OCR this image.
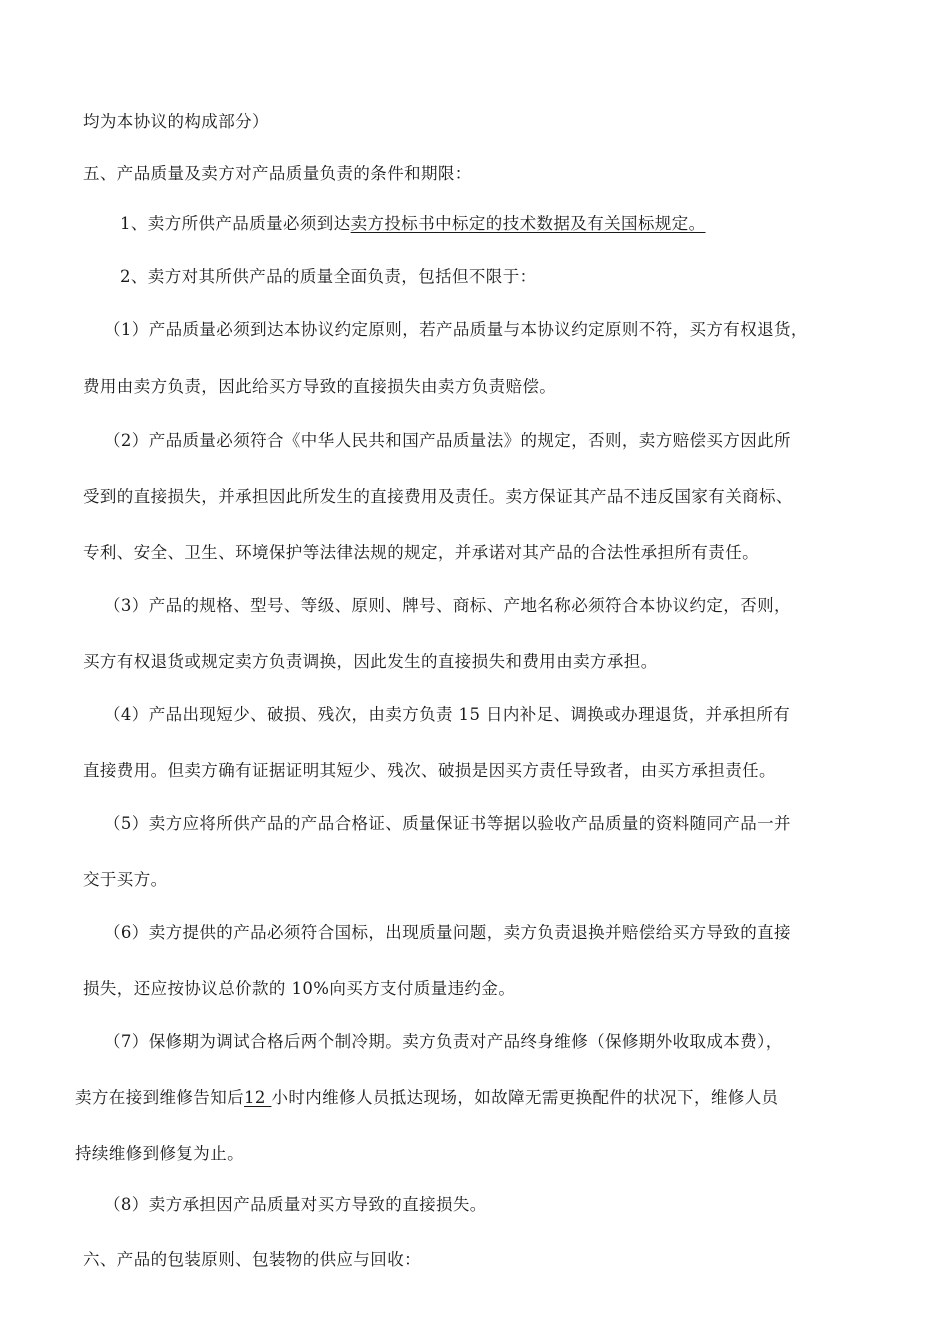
均为本协议的构成部分）
五、产品质量及卖方对产品质量负责的条件和期限：
1、卖方所供产品质量必须到达卖方投标书中标定的技术数据及有关国标规定。
2、卖方对其所供产品的质量全面负责，包括但不限于：
（1）产品质量必须到达本协议约定原则，若产品质量与本协议约定原则不符，买方有权退货，
费用由卖方负责，因此给买方导致的直接损失由卖方负责赔偿。
（2）产品质量必须符合《中华人民共和国产品质量法》的规定，否则，卖方赔偿买方因此所
受到的直接损失，并承担因此所发生的直接费用及责任。卖方保证其产品不违反国家有关商标、
专利、安全、卫生、环境保护等法律法规的规定，并承诺对其产品的合法性承担所有责任。
（3）产品的规格、型号、等级、原则、牌号、商标、产地名称必须符合本协议约定，否则，
买方有权退货或规定卖方负责调换，因此发生的直接损失和费用由卖方承担。
（4）产品出现短少、破损、残次，由卖方负责 15 日内补足、调换或办理退货，并承担所有
直接费用。但卖方确有证据证明其短少、残次、破损是因买方责任导致者，由买方承担责任。
（5）卖方应将所供产品的产品合格证、质量保证书等据以验收产品质量的资料随同产品一并
交于买方。
（6）卖方提供的产品必须符合国标，出现质量问题，卖方负责退换并赔偿给买方导致的直接
损失，还应按协议总价款的 10%向买方支付质量违约金。
（7）保修期为调试合格后两个制冷期。卖方负责对产品终身维修（保修期外收取成本费），
卖方在接到维修告知后12 小时内维修人员抵达现场，如故障无需更换配件的状况下，维修人员
持续维修到修复为止。
（8）卖方承担因产品质量对买方导致的直接损失。
六、产品的包装原则、包装物的供应与回收：
